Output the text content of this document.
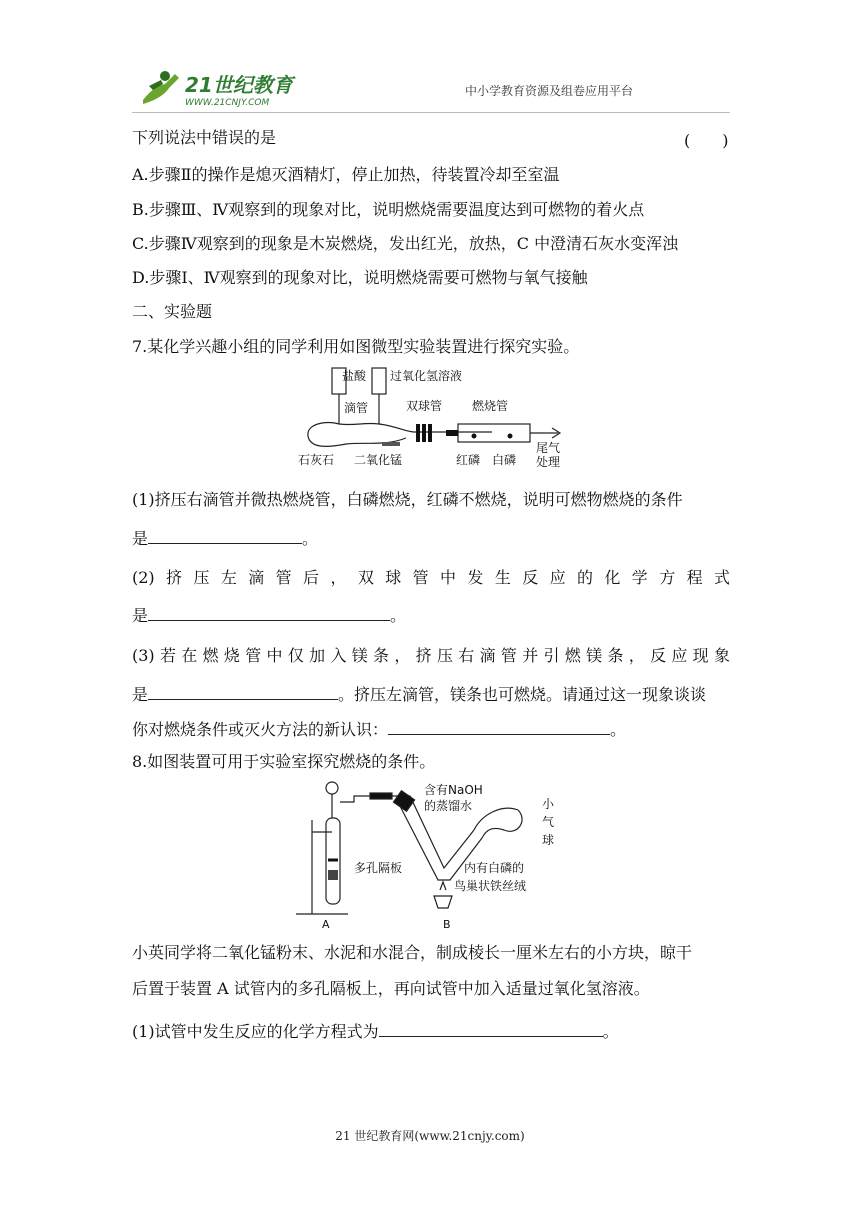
21世纪教育
WWW.21CNJY.COM
中小学教育资源及组卷应用平台
下列说法中错误的是	(　　)
A.步骤Ⅱ的操作是熄灭酒精灯，停止加热，待装置冷却至室温
B.步骤Ⅲ、Ⅳ观察到的现象对比，说明燃烧需要温度达到可燃物的着火点
C.步骤Ⅳ观察到的现象是木炭燃烧，发出红光，放热，C 中澄清石灰水变浑浊
D.步骤Ⅰ、Ⅳ观察到的现象对比，说明燃烧需要可燃物与氧气接触
二、实验题
7.某化学兴趣小组的同学利用如图微型实验装置进行探究实验。
盐酸 过氧化氢溶液
滴管	双球管 燃烧管
尾气
处理
石灰石 二氧化锰	红磷 白磷
(1)挤压右滴管并微热燃烧管，白磷燃烧，红磷不燃烧，说明可燃物燃烧的条件
是	。
(2)挤压左滴管后，双球管中发生反应的化学方程式
是	。
(3)若在燃烧管中仅加入镁条，挤压右滴管并引燃镁条，反应现象
是	。挤压左滴管，镁条也可燃烧。请通过这一现象谈谈
你对燃烧条件或灭火方法的新认识：	。
8.如图装置可用于实验室探究燃烧的条件。
含有NaOH
的蒸馏水	小
气
球
多孔隔板	内有白磷的
鸟巢状铁丝绒
A	B
小英同学将二氧化锰粉末、水泥和水混合，制成棱长一厘米左右的小方块，晾干
后置于装置 A 试管内的多孔隔板上，再向试管中加入适量过氧化氢溶液。
(1)试管中发生反应的化学方程式为	。
21 世纪教育网(www.21cnjy.com)
